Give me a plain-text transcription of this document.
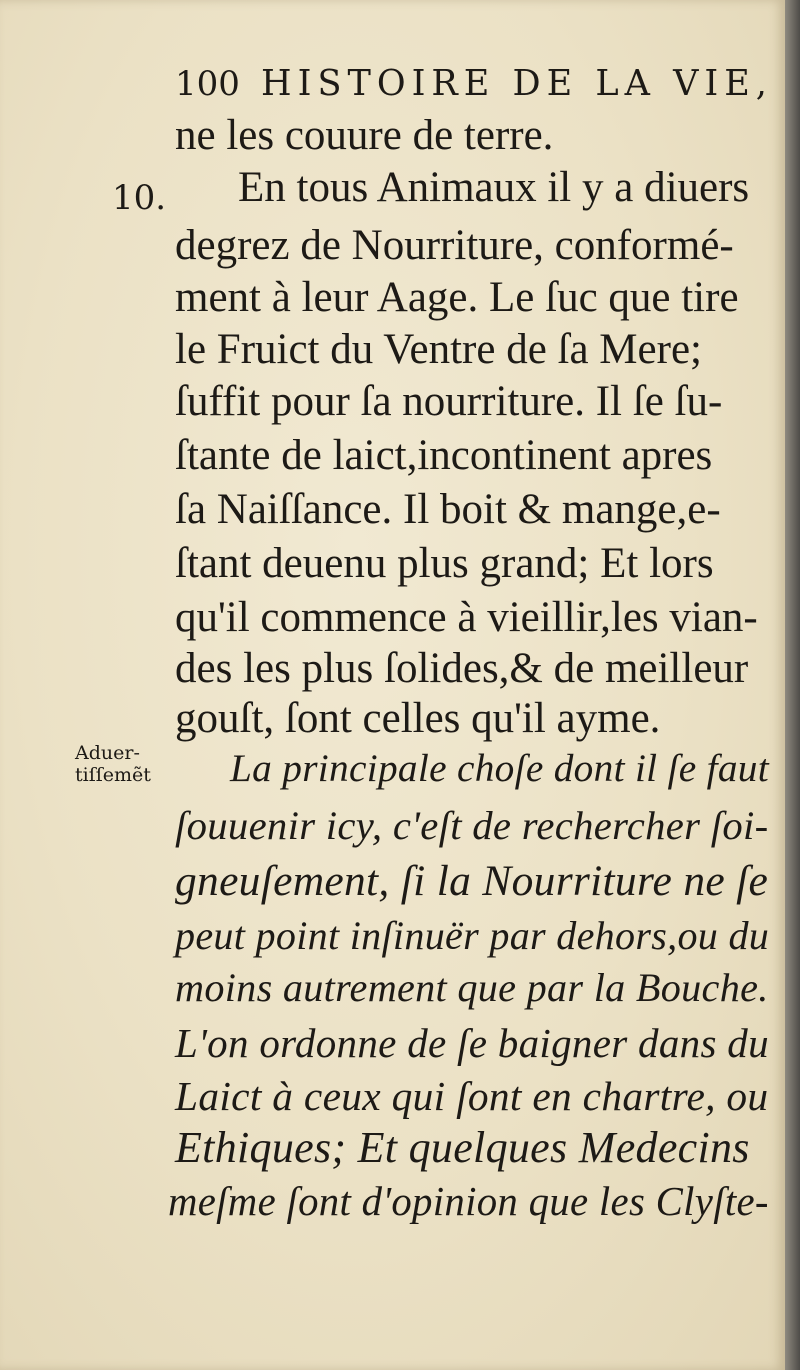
100 HISTOIRE DE LA VIE,
10.
Aduer-
tiſſemẽt
ne les couure de terre.
En tous Animaux il y a diuers
degrez de Nourriture, conformé-
ment à leur Aage. Le ſuc que tire
le Fruict du Ventre de ſa Mere;
ſuffit pour ſa nourriture. Il ſe ſu-
ſtante de laict,incontinent apres
ſa Naiſſance. Il boit & mange,e-
ſtant deuenu plus grand; Et lors
qu'il commence à vieillir,les vian-
des les plus ſolides,& de meilleur
gouſt, ſont celles qu'il ayme.
La principale choſe dont il ſe faut
ſouuenir icy, c'eſt de rechercher ſoi-
gneuſement, ſi la Nourriture ne ſe
peut point inſinuër par dehors,ou du
moins autrement que par la Bouche.
L'on ordonne de ſe baigner dans du
Laict à ceux qui ſont en chartre, ou
Ethiques; Et quelques Medecins
meſme ſont d'opinion que les Clyſte-
